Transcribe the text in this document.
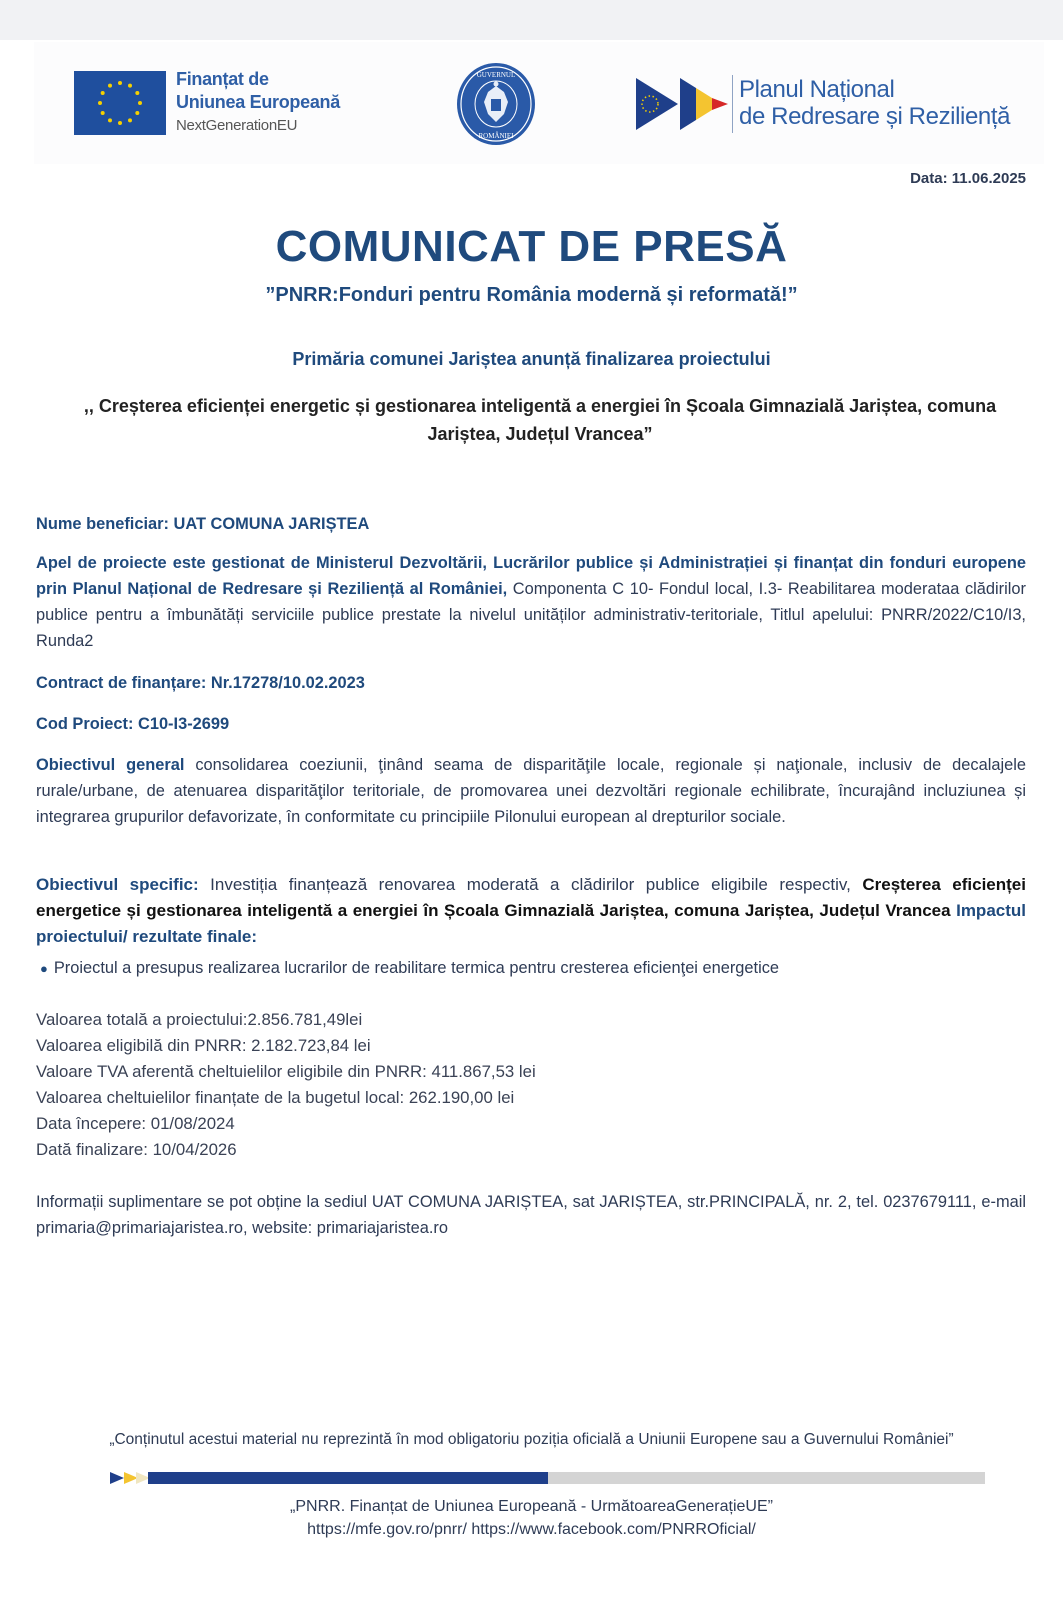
Finanțat de
Uniunea Europeană
NextGenerationEU
GUVERNUL
ROMÂNIEI
Planul Național
de Redresare și Reziliență
Data: 11.06.2025
COMUNICAT DE PRESĂ
”PNRR:Fonduri pentru România modernă și reformată!”
Primăria comunei Jariștea anunță finalizarea proiectului
,, Creșterea eficienței energetic și gestionarea inteligentă a energiei în Școala Gimnazială Jariștea, comuna Jariștea, Județul Vrancea”
Nume beneficiar: UAT COMUNA JARIȘTEA
Apel de proiecte este gestionat de Ministerul Dezvoltării, Lucrărilor publice și Administrației și finanțat din fonduri europene prin Planul Național de Redresare și Reziliență al României, Componenta C 10- Fondul local, I.3- Reabilitarea moderataa clădirilor publice pentru a îmbunătăți serviciile publice prestate la nivelul unităților administrativ-teritoriale, Titlul apelului: PNRR/2022/C10/I3, Runda2
Contract de finanțare: Nr.17278/10.02.2023
Cod Proiect: C10-I3-2699
Obiectivul general consolidarea coeziunii, ţinând seama de disparităţile locale, regionale și naţionale, inclusiv de decalajele rurale/urbane, de atenuarea disparităţilor teritoriale, de promovarea unei dezvoltări regionale echilibrate, încurajând incluziunea și integrarea grupurilor defavorizate, în conformitate cu principiile Pilonului european al drepturilor sociale.
Obiectivul specific: Investiția finanțează renovarea moderată a clădirilor publice eligibile respectiv, Creșterea eficienței energetice și gestionarea inteligentă a energiei în Școala Gimnazială Jariștea, comuna Jariștea, Județul Vrancea Impactul proiectului/ rezultate finale:
● Proiectul a presupus realizarea lucrarilor de reabilitare termica pentru cresterea eficienţei energetice
Valoarea totală a proiectului:2.856.781,49lei
Valoarea eligibilă din PNRR: 2.182.723,84 lei
Valoare TVA aferentă cheltuielilor eligibile din PNRR: 411.867,53 lei
Valoarea cheltuielilor finanțate de la bugetul local: 262.190,00 lei
Data începere: 01/08/2024
Dată finalizare: 10/04/2026
Informații suplimentare se pot obține la sediul UAT COMUNA JARIȘTEA, sat JARIȘTEA, str.PRINCIPALĂ, nr. 2, tel. 0237679111, e-mail primaria@primariajaristea.ro, website: primariajaristea.ro
„Conținutul acestui material nu reprezintă în mod obligatoriu poziția oficială a Uniunii Europene sau a Guvernului României”
„PNRR. Finanțat de Uniunea Europeană - UrmătoareaGenerațieUE”
https://mfe.gov.ro/pnrr/ https://www.facebook.com/PNRROficial/
